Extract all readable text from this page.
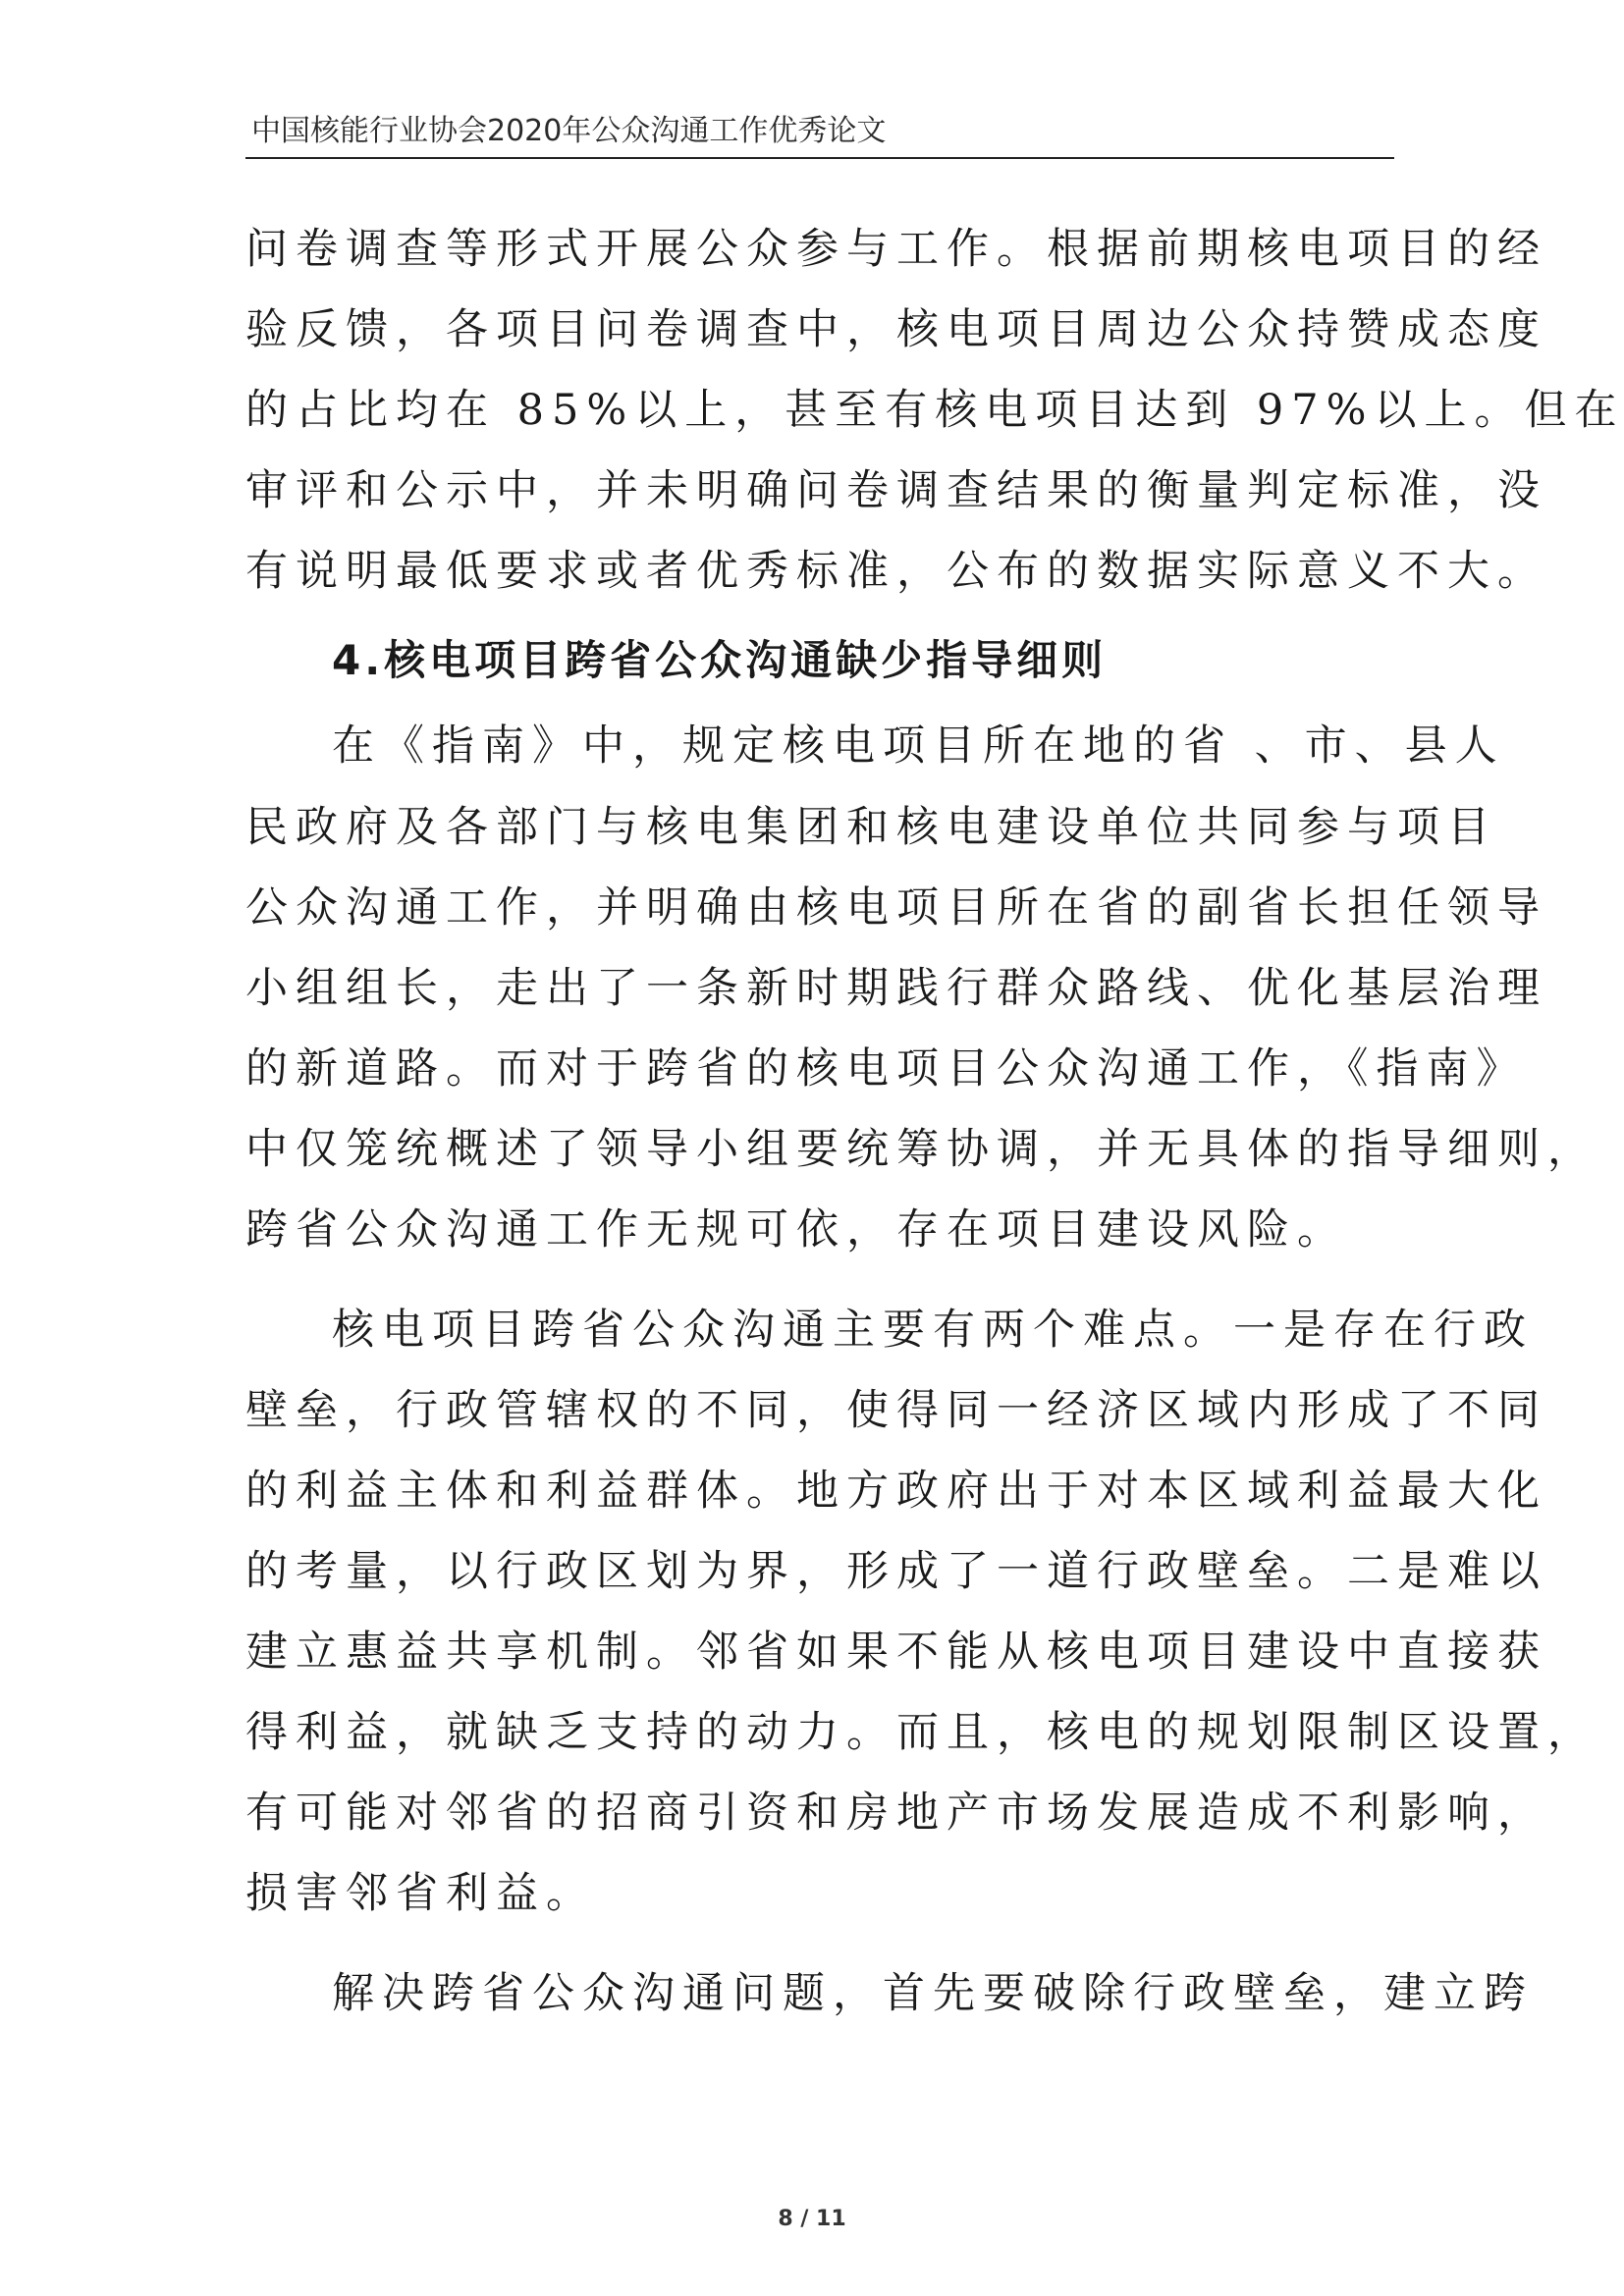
中国核能行业协会2020年公众沟通工作优秀论文
问卷调查等形式开展公众参与工作。根据前期核电项目的经
验反馈，各项目问卷调查中，核电项目周边公众持赞成态度
的占比均在 85%以上，甚至有核电项目达到 97%以上。但在
审评和公示中，并未明确问卷调查结果的衡量判定标准，没
有说明最低要求或者优秀标准，公布的数据实际意义不大。
4.核电项目跨省公众沟通缺少指导细则
在《指南》中，规定核电项目所在地的省 、市、县人
民政府及各部门与核电集团和核电建设单位共同参与项目
公众沟通工作，并明确由核电项目所在省的副省长担任领导
小组组长，走出了一条新时期践行群众路线、优化基层治理
的新道路。而对于跨省的核电项目公众沟通工作，《指南》
中仅笼统概述了领导小组要统筹协调，并无具体的指导细则，
跨省公众沟通工作无规可依，存在项目建设风险。
核电项目跨省公众沟通主要有两个难点。一是存在行政
壁垒，行政管辖权的不同，使得同一经济区域内形成了不同
的利益主体和利益群体。地方政府出于对本区域利益最大化
的考量，以行政区划为界，形成了一道行政壁垒。二是难以
建立惠益共享机制。邻省如果不能从核电项目建设中直接获
得利益，就缺乏支持的动力。而且，核电的规划限制区设置，
有可能对邻省的招商引资和房地产市场发展造成不利影响，
损害邻省利益。
解决跨省公众沟通问题，首先要破除行政壁垒，建立跨
8 / 11
